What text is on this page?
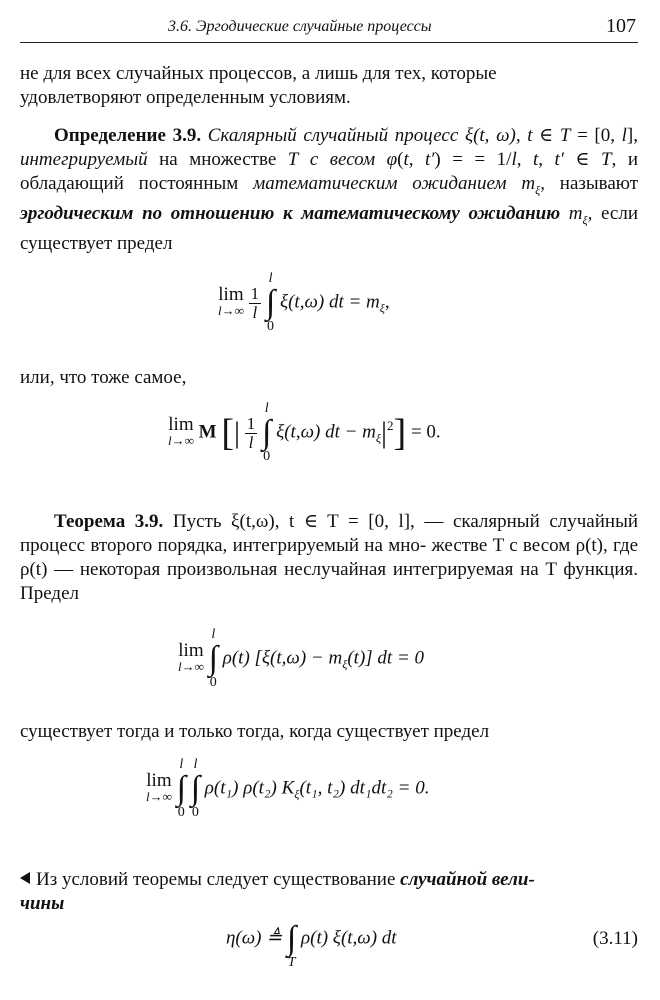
3.6. Эргодические случайные процессы	107

не для всех случайных процессов, а лишь для тех, которые
удовлетворяют определенным условиям.

Определение 3.9. Скалярный случайный процесс ξ(t, ω), t ∈ T = [0, l], интегрируемый на множестве T с весом φ(t, t′) = = 1/l, t, t′ ∈ T, и обладающий постоянным математическим ожиданием $m_\xi$, называют эргодическим по отношению к математическому ожиданию $m_\xi$, если существует предел

lim
l→∞
$\frac{1}{l}$

l
∫
0
ξ(t,ω) dt = $m_\xi$,

или, что тоже самое,

lim
l→∞ M [| $\frac{1}{l}$

l
∫
0
ξ(t,ω) dt − $m_\xi|^2] = 0$.

Теорема 3.9. Пусть ξ(t,ω), t ∈ T = [0, l], — скалярный случайный процесс второго порядка, интегрируемый на мно- жестве T с весом ρ(t), где ρ(t) — некоторая произвольная неслучайная интегрируемая на T функция. Предел

lim
l→∞

l
∫
0
ρ(t) $[\xi(t,\omega) - m_\xi(t)]$ dt = 0

существует тогда и только тогда, когда существует предел

lim
l→∞

l
∫
0

l
∫
0
ρ(t₁) ρ(t₂) $K_\xi(t_1$, t₂) dt₁dt₂ = 0.

Из условий теоремы следует существование случайной вели-
чины

η(ω) ≜
∫
T
ρ(t) ξ(t,ω) dt	(3.11)
